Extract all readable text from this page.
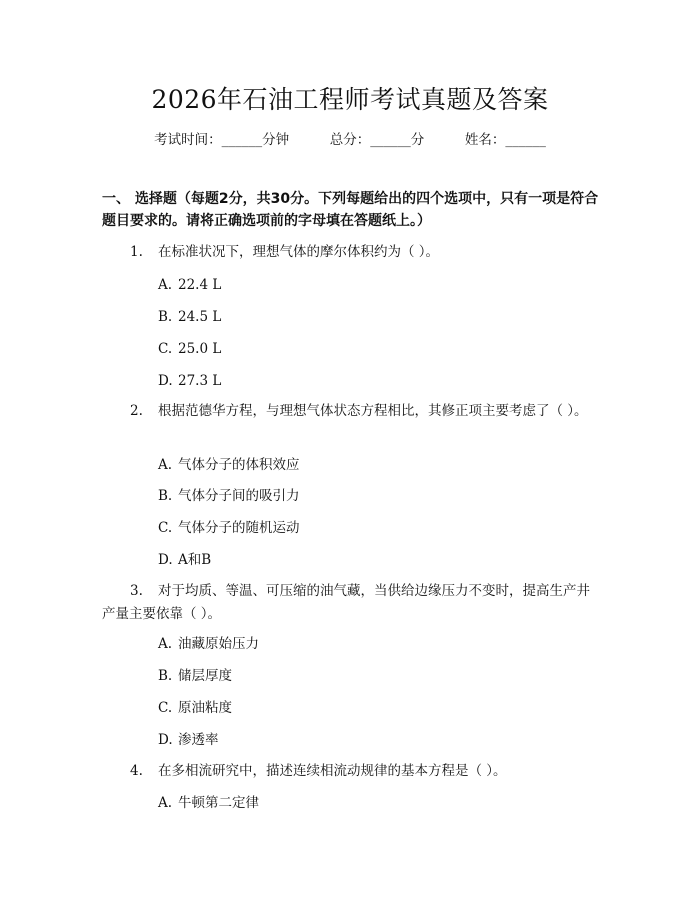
2026年石油工程师考试真题及答案
考试时间：______分钟	总分：______分	姓名：______
一、 选择题（每题2分，共30分。下列每题给出的四个选项中，只有一项是符合题目要求的。请将正确选项前的字母填在答题纸上。）
1. 在标准状况下，理想气体的摩尔体积约为（ ）。
A. 22.4 L
B. 24.5 L
C. 25.0 L
D. 27.3 L
2. 根据范德华方程，与理想气体状态方程相比，其修正项主要考虑了（ ）。
A. 气体分子的体积效应
B. 气体分子间的吸引力
C. 气体分子的随机运动
D. A和B
3. 对于均质、等温、可压缩的油气藏，当供给边缘压力不变时，提高生产井产量主要依靠（ ）。
A. 油藏原始压力
B. 储层厚度
C. 原油粘度
D. 渗透率
4. 在多相流研究中，描述连续相流动规律的基本方程是（ ）。
A. 牛顿第二定律
